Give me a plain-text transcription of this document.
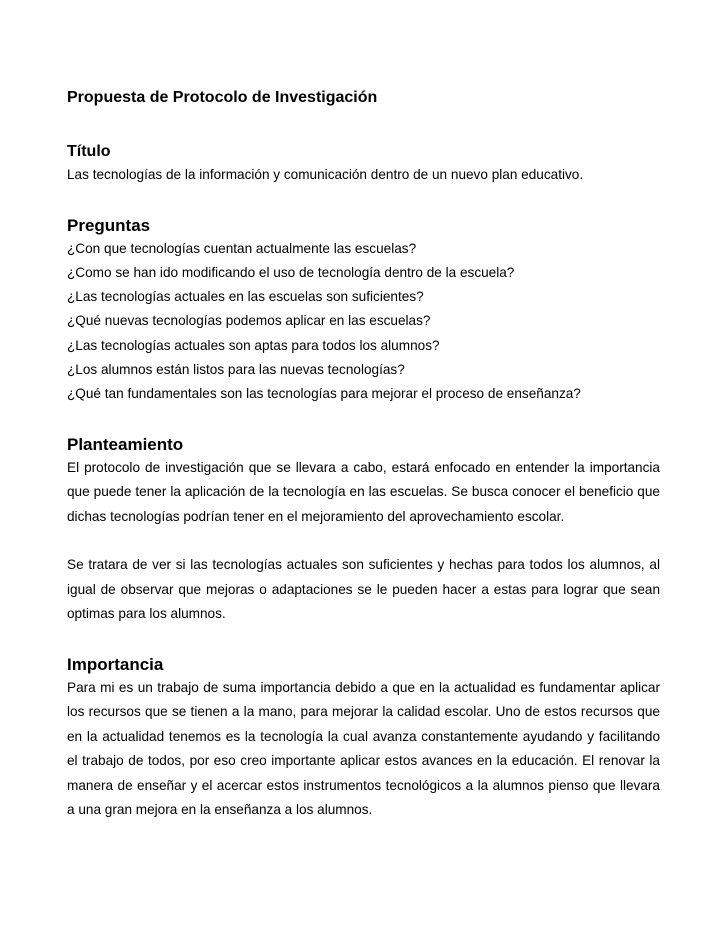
Propuesta de Protocolo de Investigación
Título

Las tecnologías de la información y comunicación dentro de un nuevo plan educativo.

Preguntas
¿Con que tecnologías cuentan actualmente las escuelas?
¿Como se han ido modificando el uso de tecnología dentro de la escuela?
¿Las tecnologías actuales en las escuelas son suficientes?
¿Qué nuevas tecnologías podemos aplicar en las escuelas?
¿Las tecnologías actuales son aptas para todos los alumnos?
¿Los alumnos están listos para las nuevas tecnologías?
¿Qué tan fundamentales son las tecnologías para mejorar el proceso de enseñanza?
Planteamiento

El protocolo de investigación que se llevara a cabo, estará enfocado en entender la importancia que puede tener la aplicación de la tecnología en las escuelas. Se busca conocer el beneficio que dichas tecnologías podrían tener en el mejoramiento del aprovechamiento escolar.

Se tratara de ver si las tecnologías actuales son suficientes y hechas para todos los alumnos, al igual de observar que mejoras o adaptaciones se le pueden hacer a estas para lograr que sean optimas para los alumnos.

Importancia

Para mi es un trabajo de suma importancia debido a que en la actualidad es fundamentar aplicar los recursos que se tienen a la mano, para mejorar la calidad escolar. Uno de estos recursos que en la actualidad tenemos es la tecnología la cual avanza constantemente ayudando y facilitando el trabajo de todos, por eso creo importante aplicar estos avances en la educación. El renovar la manera de enseñar y el acercar estos instrumentos tecnológicos a la alumnos pienso que llevara a una gran mejora en la enseñanza a los alumnos.
